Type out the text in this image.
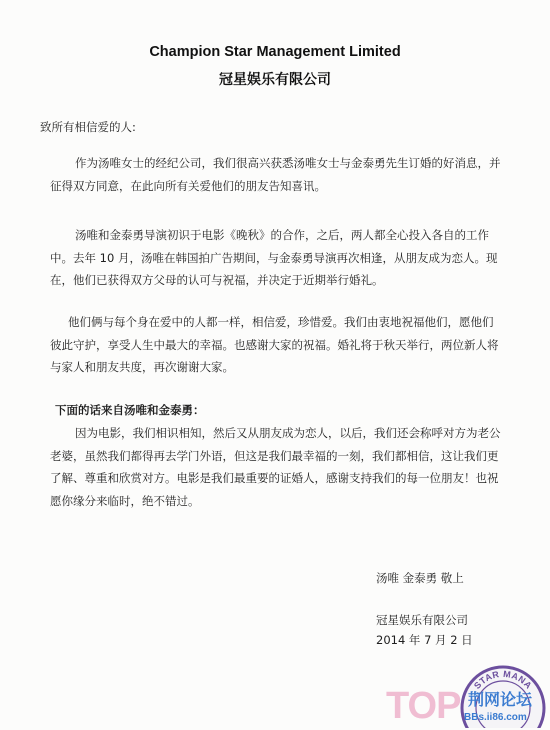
Champion Star Management Limited
冠星娱乐有限公司
致所有相信爱的人:
作为汤唯女士的经纪公司，我们很高兴获悉汤唯女士与金泰勇先生订婚的好消息，并
征得双方同意，在此向所有关爱他们的朋友告知喜讯。
汤唯和金泰勇导演初识于电影《晚秋》的合作，之后，两人都全心投入各自的工作
中。去年 10 月，汤唯在韩国拍广告期间，与金泰勇导演再次相逢，从朋友成为恋人。现
在，他们已获得双方父母的认可与祝福，并决定于近期举行婚礼。
他们俩与每个身在爱中的人都一样，相信爱，珍惜爱。我们由衷地祝福他们，愿他们
彼此守护，享受人生中最大的幸福。也感谢大家的祝福。婚礼将于秋天举行，两位新人将
与家人和朋友共度，再次谢谢大家。
下面的话来自汤唯和金泰勇：
因为电影，我们相识相知，然后又从朋友成为恋人，以后，我们还会称呼对方为老公
老婆，虽然我们都得再去学门外语，但这是我们最幸福的一刻，我们都相信，这让我们更
了解、尊重和欣赏对方。电影是我们最重要的证婚人，感谢支持我们的每一位朋友！也祝
愿你缘分来临时，绝不错过。
汤唯 金泰勇 敬上
冠星娱乐有限公司
2014 年 7 月 2 日
TOP STAR MANA
荆网论坛
BBs.ii86.com
